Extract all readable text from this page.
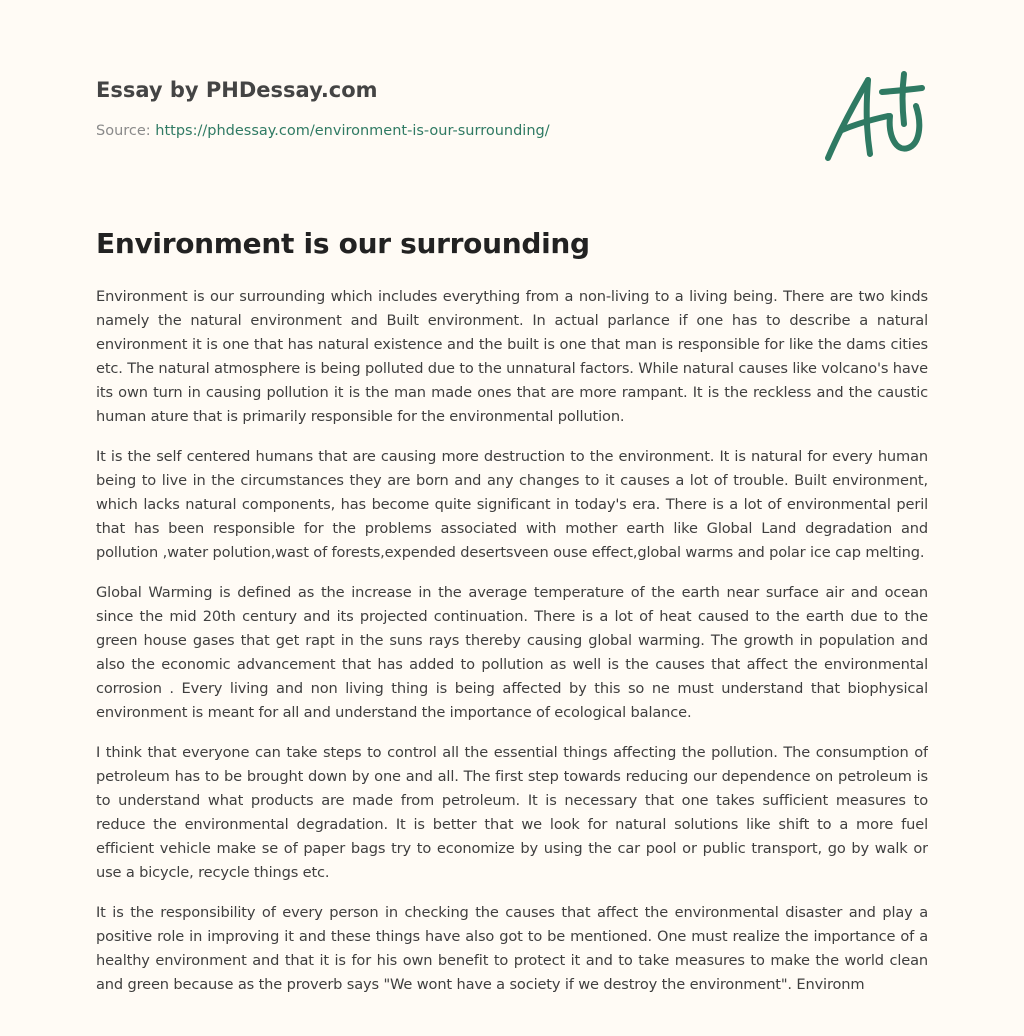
Essay by PHDessay.com
Source: https://phdessay.com/environment-is-our-surrounding/
Environment is our surrounding

Environment is our surrounding which includes everything from a non-living to a living being. There are two kinds namely the natural environment and Built environment. In actual parlance if one has to describe a natural environment it is one that has natural existence and the built is one that man is responsible for like the dams cities etc. The natural atmosphere is being polluted due to the unnatural factors. While natural causes like volcano's have its own turn in causing pollution it is the man made ones that are more rampant. It is the reckless and the caustic human ature that is primarily responsible for the environmental pollution.

It is the self centered humans that are causing more destruction to the environment. It is natural for every human being to live in the circumstances they are born and any changes to it causes a lot of trouble. Built environment, which lacks natural components, has become quite significant in today's era. There is a lot of environmental peril that has been responsible for the problems associated with mother earth like Global Land degradation and pollution ,water polution,wast of forests,expended desertsveen ouse effect,global warms and polar ice cap melting.

Global Warming is defined as the increase in the average temperature of the earth near surface air and ocean since the mid 20th century and its projected continuation. There is a lot of heat caused to the earth due to the green house gases that get rapt in the suns rays thereby causing global warming. The growth in population and also the economic advancement that has added to pollution as well is the causes that affect the environmental corrosion . Every living and non living thing is being affected by this so ne must understand that biophysical environment is meant for all and understand the importance of ecological balance.

I think that everyone can take steps to control all the essential things affecting the pollution. The consumption of petroleum has to be brought down by one and all. The first step towards reducing our dependence on petroleum is to understand what products are made from petroleum. It is necessary that one takes sufficient measures to reduce the environmental degradation. It is better that we look for natural solutions like shift to a more fuel efficient vehicle make se of paper bags try to economize by using the car pool or public transport, go by walk or use a bicycle, recycle things etc.

It is the responsibility of every person in checking the causes that affect the environmental disaster and play a positive role in improving it and these things have also got to be mentioned. One must realize the importance of a healthy environment and that it is for his own benefit to protect it and to take measures to make the world clean and green because as the proverb says "We wont have a society if we destroy the environment". Environm
